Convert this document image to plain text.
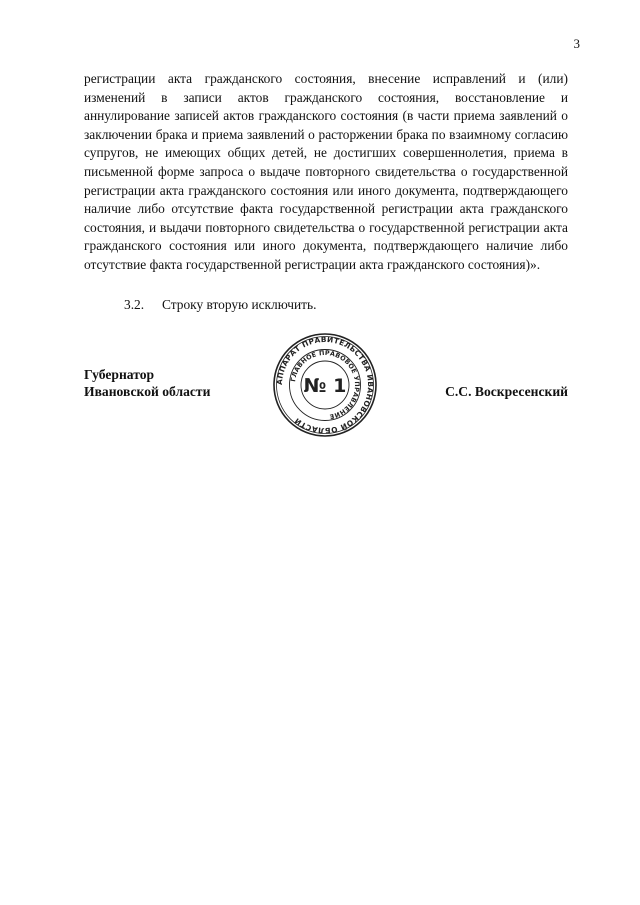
3

регистрации акта гражданского состояния, внесение исправлений и (или) изменений в записи актов гражданского состояния, восстановление и аннулирование записей актов гражданского состояния (в части приема заявлений о заключении брака и приема заявлений о расторжении брака по взаимному согласию супругов, не имеющих общих детей, не достигших совершеннолетия, приема в письменной форме запроса о выдаче повторного свидетельства о государственной регистрации акта гражданского состояния или иного документа, подтверждающего наличие либо отсутствие факта государственной регистрации акта гражданского состояния, и выдачи повторного свидетельства о государственной регистрации акта гражданского состояния или иного документа, подтверждающего наличие либо отсутствие факта государственной регистрации акта гражданского состояния)».

3.2. Строку вторую исключить.
Губернатор
Ивановской области	С.С. Воскресенский
АППАРАТ ПРАВИТЕЛЬСТВА ИВАНОВСКОЙ ОБЛАСТИ
ГЛАВНОЕ ПРАВОВОЕ УПРАВЛЕНИЕ
№ 1
